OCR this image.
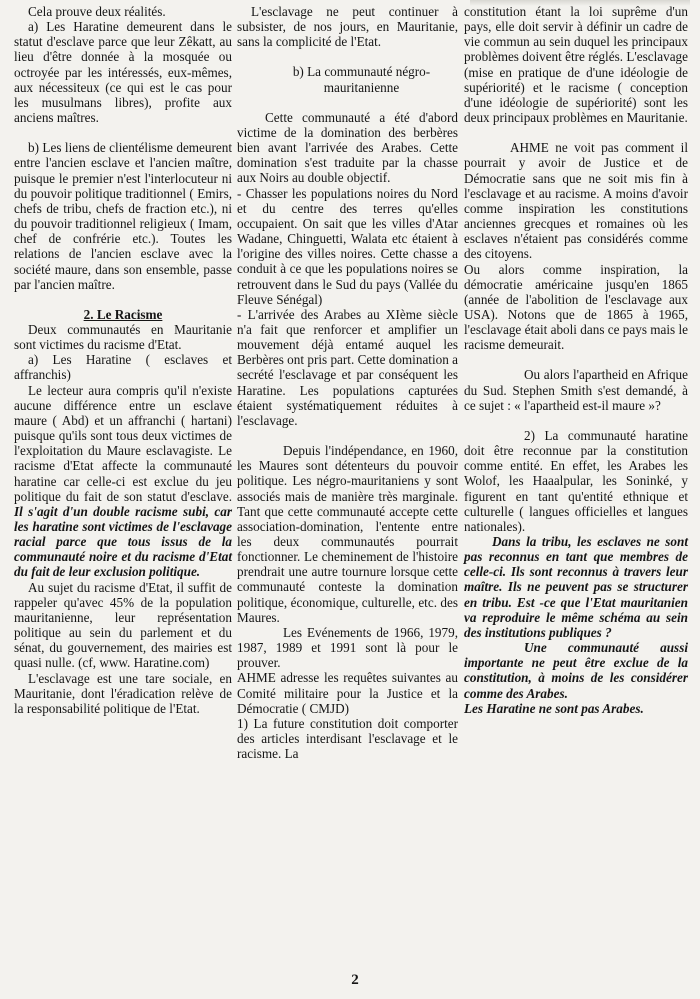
Cela prouve deux réalités.

a) Les Haratine demeurent dans le statut d'esclave parce que leur Zêkatt, au lieu d'être donnée à la mosquée ou octroyée par les intéressés, eux-mêmes, aux nécessiteux (ce qui est le cas pour les musulmans libres), profite aux anciens maîtres.

b) Les liens de clientélisme demeurent entre l'ancien esclave et l'ancien maître, puisque le premier n'est l'interlocuteur ni du pouvoir politique traditionnel ( Emirs, chefs de tribu, chefs de fraction etc.), ni du pouvoir traditionnel religieux ( Imam, chef de confrérie etc.). Toutes les relations de l'ancien esclave avec la société maure, dans son ensemble, passe par l'ancien maître.

2. Le Racisme

Deux communautés en Mauritanie sont victimes du racisme d'Etat.

a) Les Haratine ( esclaves et affranchis)

Le lecteur aura compris qu'il n'existe aucune différence entre un esclave maure ( Abd) et un affranchi ( hartani) puisque qu'ils sont tous deux victimes de l'exploitation du Maure esclavagiste. Le racisme d'Etat affecte la communauté haratine car celle-ci est exclue du jeu politique du fait de son statut d'esclave. Il s'agit d'un double racisme subi, car les haratine sont victimes de l'esclavage racial parce que tous issus de la communauté noire et du racisme d'Etat du fait de leur exclusion politique.

Au sujet du racisme d'Etat, il suffit de rappeler qu'avec 45% de la population mauritanienne, leur représentation politique au sein du parlement et du sénat, du gouvernement, des mairies est quasi nulle. (cf, www. Haratine.com)

L'esclavage est une tare sociale, en Mauritanie, dont l'éradication relève de la responsabilité politique de l'Etat.

L'esclavage ne peut continuer à subsister, de nos jours, en Mauritanie, sans la complicité de l'Etat.

b) La communauté négro-mauritanienne

Cette communauté a été d'abord victime de la domination des berbères bien avant l'arrivée des Arabes. Cette domination s'est traduite par la chasse aux Noirs au double objectif.

- Chasser les populations noires du Nord et du centre des terres qu'elles occupaient. On sait que les villes d'Atar Wadane, Chinguetti, Walata etc étaient à l'origine des villes noires. Cette chasse a conduit à ce que les populations noires se retrouvent dans le Sud du pays (Vallée du Fleuve Sénégal)

- L'arrivée des Arabes au XIème siècle n'a fait que renforcer et amplifier un mouvement déjà entamé auquel les Berbères ont pris part. Cette domination a secrété l'esclavage et par conséquent les Haratine. Les populations capturées étaient systématiquement réduites à l'esclavage.

Depuis l'indépendance, en 1960, les Maures sont détenteurs du pouvoir politique. Les négro-mauritaniens y sont associés mais de manière très marginale. Tant que cette communauté accepte cette association-domination, l'entente entre les deux communautés pourrait fonctionner. Le cheminement de l'histoire prendrait une autre tournure lorsque cette communauté conteste la domination politique, économique, culturelle, etc. des Maures.

Les Evénements de 1966, 1979, 1987, 1989 et 1991 sont là pour le prouver.

AHME adresse les requêtes suivantes au Comité militaire pour la Justice et la Démocratie ( CMJD)

1) La future constitution doit comporter des articles interdisant l'esclavage et le racisme. La

constitution étant la loi suprême d'un pays, elle doit servir à définir un cadre de vie commun au sein duquel les principaux problèmes doivent être réglés. L'esclavage (mise en pratique de d'une idéologie de supériorité) et le racisme ( conception d'une idéologie de supériorité) sont les deux principaux problèmes en Mauritanie.

AHME ne voit pas comment il pourrait y avoir de Justice et de Démocratie sans que ne soit mis fin à l'esclavage et au racisme. A moins d'avoir comme inspiration les constitutions anciennes grecques et romaines où les esclaves n'étaient pas considérés comme des citoyens.

Ou alors comme inspiration, la démocratie américaine jusqu'en 1865 (année de l'abolition de l'esclavage aux USA). Notons que de 1865 à 1965, l'esclavage était aboli dans ce pays mais le racisme demeurait.

Ou alors l'apartheid en Afrique du Sud. Stephen Smith s'est demandé, à ce sujet : « l'apartheid est-il maure »?

2) La communauté haratine doit être reconnue par la constitution comme entité. En effet, les Arabes les Wolof, les Haaalpular, les Soninké, y figurent en tant qu'entité ethnique et culturelle ( langues officielles et langues nationales).

Dans la tribu, les esclaves ne sont pas reconnus en tant que membres de celle-ci. Ils sont reconnus à travers leur maître. Ils ne peuvent pas se structurer en tribu. Est -ce que l'Etat mauritanien va reproduire le même schéma au sein des institutions publiques ?

Une communauté aussi importante ne peut être exclue de la constitution, à moins de les considérer comme des Arabes.

Les Haratine ne sont pas Arabes.

2
